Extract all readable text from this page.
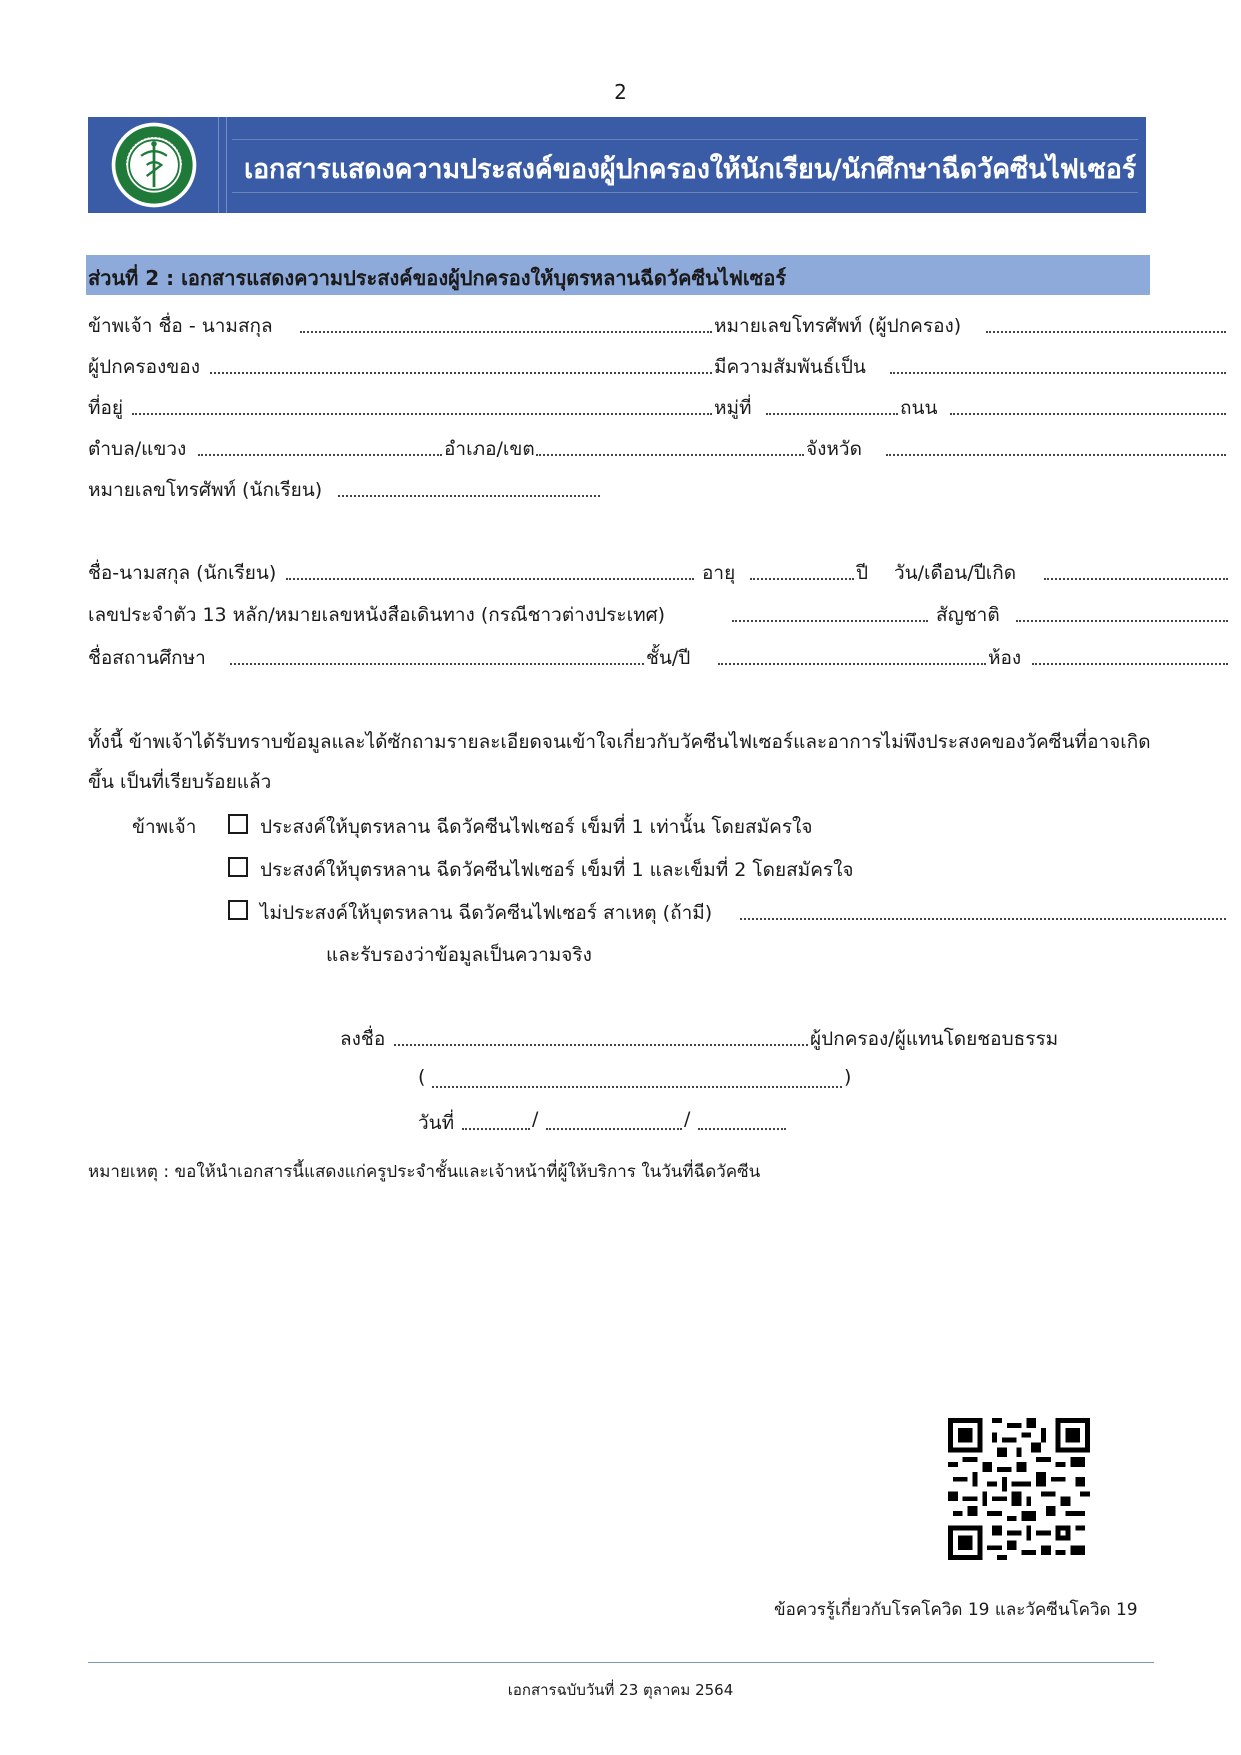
2
เอกสารแสดงความประสงค์ของผู้ปกครองให้นักเรียน/นักศึกษาฉีดวัคซีนไฟเซอร์
ส่วนที่ 2 : เอกสารแสดงความประสงค์ของผู้ปกครองให้บุตรหลานฉีดวัคซีนไฟเซอร์
ข้าพเจ้า ชื่อ - นามสกุล	หมายเลขโทรศัพท์ (ผู้ปกครอง)
ผู้ปกครองของ	มีความสัมพันธ์เป็น
ที่อยู่	หมู่ที่	ถนน
ตำบล/แขวง	อำเภอ/เขต	จังหวัด
หมายเลขโทรศัพท์ (นักเรียน)
ชื่อ-นามสกุล (นักเรียน)	อายุ	ปี วัน/เดือน/ปีเกิด
เลขประจำตัว 13 หลัก/หมายเลขหนังสือเดินทาง (กรณีชาวต่างประเทศ)	สัญชาติ
ชื่อสถานศึกษา	ชั้น/ปี	ห้อง
ทั้งนี้ ข้าพเจ้าได้รับทราบข้อมูลและได้ซักถามรายละเอียดจนเข้าใจเกี่ยวกับวัคซีนไฟเซอร์และอาการไม่พึงประสงคของวัคซีนที่อาจเกิดขึ้น เป็นที่เรียบร้อยแล้ว
ข้าพเจ้า	ประสงค์ให้บุตรหลาน ฉีดวัคซีนไฟเซอร์ เข็มที่ 1 เท่านั้น โดยสมัครใจ
ประสงค์ให้บุตรหลาน ฉีดวัคซีนไฟเซอร์ เข็มที่ 1 และเข็มที่ 2 โดยสมัครใจ
ไม่ประสงค์ให้บุตรหลาน ฉีดวัคซีนไฟเซอร์ สาเหตุ (ถ้ามี)
และรับรองว่าข้อมูลเป็นความจริง
ลงชื่อ	ผู้ปกครอง/ผู้แทนโดยชอบธรรม
(	)
วันที่	/	/
หมายเหตุ : ขอให้นำเอกสารนี้แสดงแก่ครูประจำชั้นและเจ้าหน้าที่ผู้ให้บริการ ในวันที่ฉีดวัคซีน
ข้อควรรู้เกี่ยวกับโรคโควิด 19 และวัคซีนโควิด 19
เอกสารฉบับวันที่ 23 ตุลาคม 2564
